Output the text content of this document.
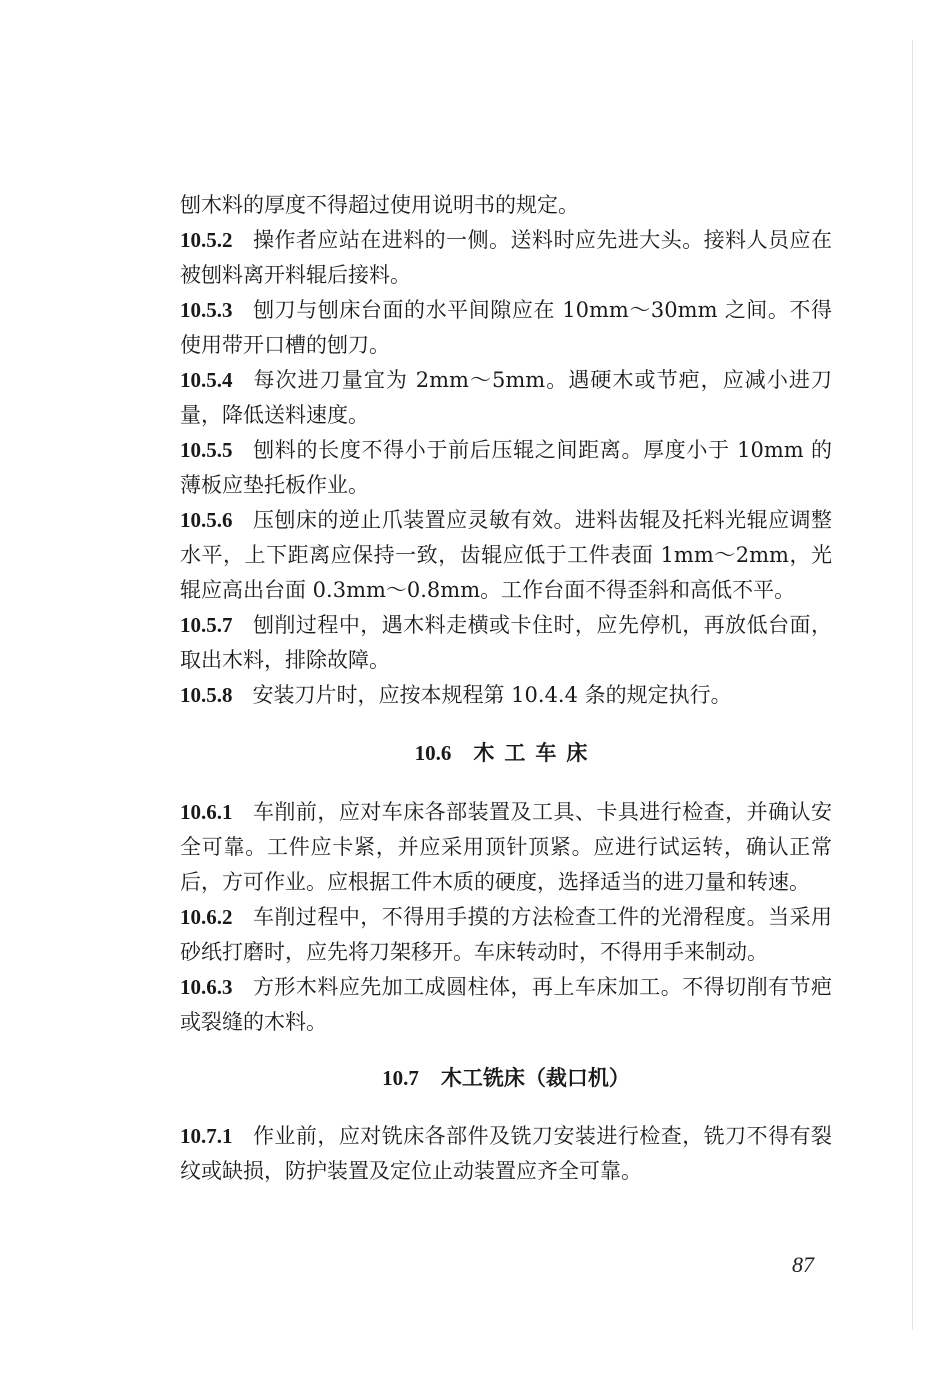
刨木料的厚度不得超过使用说明书的规定。

10.5.2 操作者应站在进料的一侧。送料时应先进大头。接料人员应在被刨料离开料辊后接料。

10.5.3 刨刀与刨床台面的水平间隙应在 10mm～30mm 之间。不得使用带开口槽的刨刀。

10.5.4 每次进刀量宜为 2mm～5mm。遇硬木或节疤，应减小进刀量，降低送料速度。

10.5.5 刨料的长度不得小于前后压辊之间距离。厚度小于 10mm 的薄板应垫托板作业。

10.5.6 压刨床的逆止爪装置应灵敏有效。进料齿辊及托料光辊应调整水平，上下距离应保持一致，齿辊应低于工件表面 1mm～2mm，光辊应高出台面 0.3mm～0.8mm。工作台面不得歪斜和高低不平。

10.5.7 刨削过程中，遇木料走横或卡住时，应先停机，再放低台面，取出木料，排除故障。

10.5.8 安装刀片时，应按本规程第 10.4.4 条的规定执行。

10.6 木工车床

10.6.1 车削前，应对车床各部装置及工具、卡具进行检查，并确认安全可靠。工件应卡紧，并应采用顶针顶紧。应进行试运转，确认正常后，方可作业。应根据工件木质的硬度，选择适当的进刀量和转速。

10.6.2 车削过程中，不得用手摸的方法检查工件的光滑程度。当采用砂纸打磨时，应先将刀架移开。车床转动时，不得用手来制动。

10.6.3 方形木料应先加工成圆柱体，再上车床加工。不得切削有节疤或裂缝的木料。

10.7 木工铣床（裁口机）

10.7.1 作业前，应对铣床各部件及铣刀安装进行检查，铣刀不得有裂纹或缺损，防护装置及定位止动装置应齐全可靠。

87
